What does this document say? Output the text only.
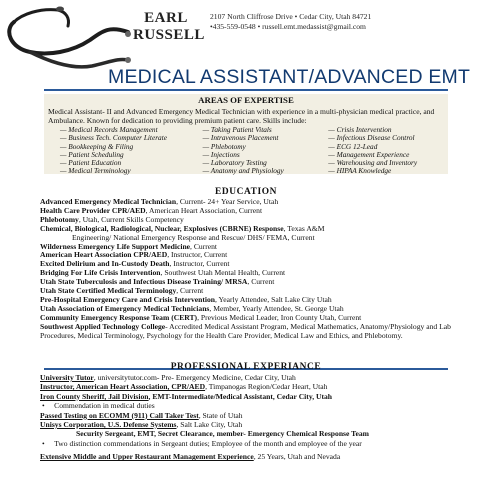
EARL
RUSSELL
2107 North Cliffrose Drive • Cedar City, Utah 84721
•435-559-0548 • russell.emt.medassist@gmail.com
MEDICAL ASSISTANT/ADVANCED EMT
AREAS OF EXPERTISE
Medical Assistant- II and Advanced Emergency Medical Technician with experience in a multi-physician medical practice, and Ambulance. Known for dedication to providing premium patient care. Skills include:
— Medical Records Management
— Business Tech. Computer Literate
— Bookkeeping & Filing
— Patient Scheduling
— Patient Education
— Medical Terminology
— Taking Patient Vitals
— Intravenous Placement
— Phlebotomy
— Injections
— Laboratory Testing
— Anatomy and Physiology
— Crisis Intervention
— Infectious Disease Control
— ECG 12-Lead
— Management Experience
— Warehousing and Inventory
— HIPAA Knowledge
EDUCATION
Advanced Emergency Medical Technician, Current- 24+ Year Service, Utah
Health Care Provider CPR/AED, American Heart Association, Current
Phlebotomy, Utah, Current Skills Competency
Chemical, Biological, Radiological, Nuclear, Explosives (CBRNE) Response, Texas A&M
Engineering/ National Emergency Response and Rescue/ DHS/ FEMA, Current
Wilderness Emergency Life Support Medicine, Current
American Heart Association CPR/AED, Instructor, Current
Excited Delirium and In-Custody Death, Instructor, Current
Bridging For Life Crisis Intervention, Southwest Utah Mental Health, Current
Utah State Tuberculosis and Infectious Disease Training/ MRSA, Current
Utah State Certified Medical Terminology, Current
Pre-Hospital Emergency Care and Crisis Intervention, Yearly Attendee, Salt Lake City Utah
Utah Association of Emergency Medical Technicians, Member, Yearly Attendee, St. George Utah
Community Emergency Response Team (CERT), Previous Medical Leader, Iron County Utah, Current
Southwest Applied Technology College- Accredited Medical Assistant Program, Medical Mathematics, Anatomy/Physiology and Lab Procedures, Medical Terminology, Psychology for the Health Care Provider, Medical Law and Ethics, and Phlebotomy.
PROFESSIONAL EXPERIANCE
University Tutor, universitytutor.com- Pre- Emergency Medicine, Cedar City, Utah
Instructor, American Heart Association, CPR/AED, Timpanogas Region/Cedar Heart, Utah
Iron County Sheriff, Jail Division, EMT-Intermediate/Medical Assistant, Cedar City, Utah
•     Commendation in medical duties
Passed Testing on ECOMM (911) Call Taker Test, State of Utah
Unisys Corporation, U.S. Defense Systems, Salt Lake City, Utah
Security Sergeant, EMT, Secret Clearance, member- Emergency Chemical Response Team
•     Two distinction commendations in Sergeant duties; Employee of the month and employee of the year
Extensive Middle and Upper Restaurant Management Experience, 25 Years, Utah and Nevada
